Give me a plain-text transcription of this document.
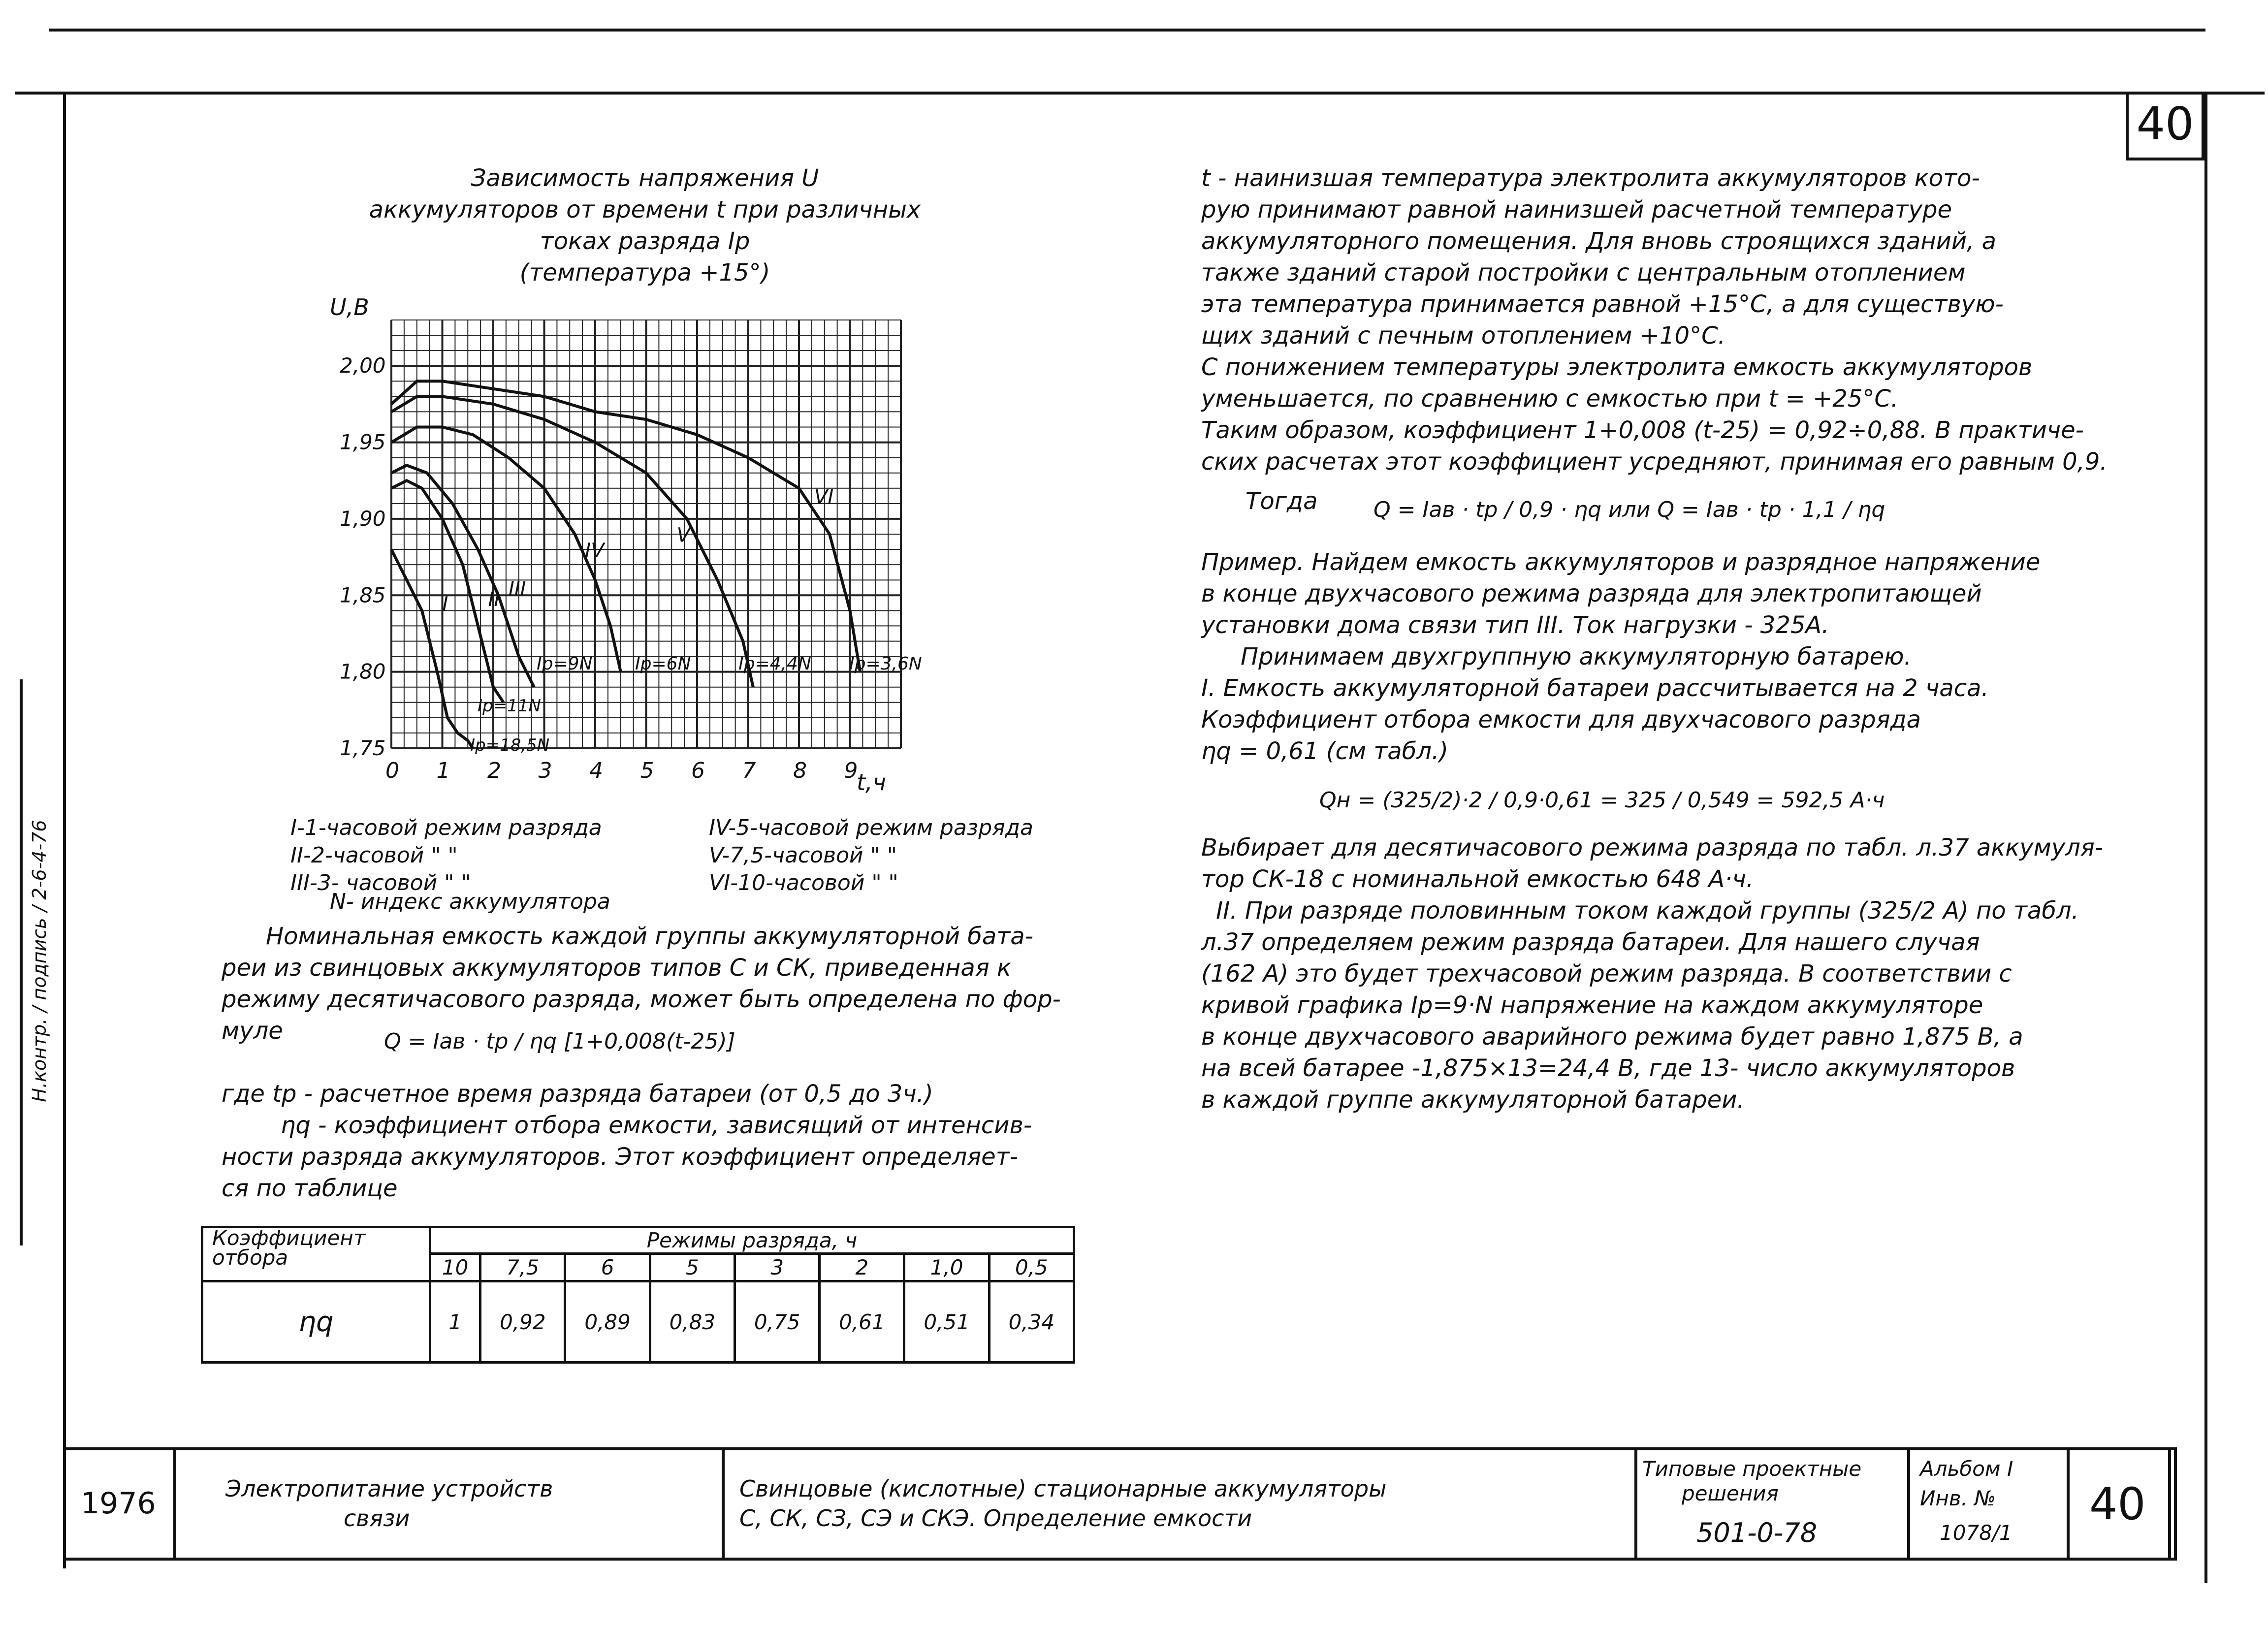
40
Н.контр. / подпись / 2-6-4-76
Зависимость напряжения U
аккумуляторов от времени t при различных
токах разряда Iр
(температура +15°)
0 1 2 3 4 5 6 7 8 9
1,75
1,80
1,85
1,90
1,95
2,00
I II III
IV
V
VI
U,B
t,ч
Iр=9N Iр=6N	Iр=4,4N Iр=3,6N
Iр=11N
Iр=18,5N
I-1-часовой режим разряда
II-2-часовой " "
III-3- часовой " "
N- индекс аккумулятора
IV-5-часовой режим разряда
V-7,5-часовой " "
VI-10-часовой " "
Номинальная емкость каждой группы аккумуляторной бата-
реи из свинцовых аккумуляторов типов С и СК, приведенная к
режиму десятичасового разряда, может быть определена по фор-
муле	Q = Iав · tр / ηq [1+0,008(t-25)]
где tр - расчетное время разряда батареи (от 0,5 до 3ч.)
ηq - коэффициент отбора емкости, зависящий от интенсив-
ности разряда аккумуляторов. Этот коэффициент определяет-
ся по таблице
Коэффициент отбора	Режимы разряда, ч							
	10	7,5	6	5	3	2	1,0	0,5
ηq	1	0,92	0,89	0,83	0,75	0,61	0,51	0,34
t - наинизшая температура электролита аккумуляторов кото-
рую принимают равной наинизшей расчетной температуре
аккумуляторного помещения. Для вновь строящихся зданий, а
также зданий старой постройки с центральным отоплением
эта температура принимается равной +15°С, а для существую-
щих зданий с печным отоплением +10°С.
С понижением температуры электролита емкость аккумуляторов
уменьшается, по сравнению с емкостью при t = +25°С.
Таким образом, коэффициент 1+0,008 (t-25) = 0,92÷0,88. В практиче-
ских расчетах этот коэффициент усредняют, принимая его равным 0,9.
Тогда	Q = Iав · tр / 0,9 · ηq или Q = Iав · tр · 1,1 / ηq
Пример. Найдем емкость аккумуляторов и разрядное напряжение
в конце двухчасового режима разряда для электропитающей
установки дома связи тип III. Ток нагрузки - 325А.
Принимаем двухгруппную аккумуляторную батарею.
I. Емкость аккумуляторной батареи рассчитывается на 2 часа.
Коэффициент отбора емкости для двухчасового разряда
ηq = 0,61 (см табл.)
Qн = (325/2)·2 / 0,9·0,61 = 325 / 0,549 = 592,5 А·ч
Выбирает для десятичасового режима разряда по табл. л.37 аккумуля-
тор СК-18 с номинальной емкостью 648 А·ч.
II. При разряде половинным током каждой группы (325/2 А) по табл.
л.37 определяем режим разряда батареи. Для нашего случая
(162 А) это будет трехчасовой режим разряда. В соответствии с
кривой графика Iр=9·N напряжение на каждом аккумуляторе
в конце двухчасового аварийного режима будет равно 1,875 В, а
на всей батарее -1,875×13=24,4 В, где 13- число аккумуляторов
в каждой группе аккумуляторной батареи.
1976	Электропитание устройств
связи
Свинцовые (кислотные) стационарные аккумуляторы
С, СК, СЗ, СЭ и СКЭ. Определение емкости
Типовые проектные
решения
501-0-78
Альбом I
Инв. №
1078/1
40
